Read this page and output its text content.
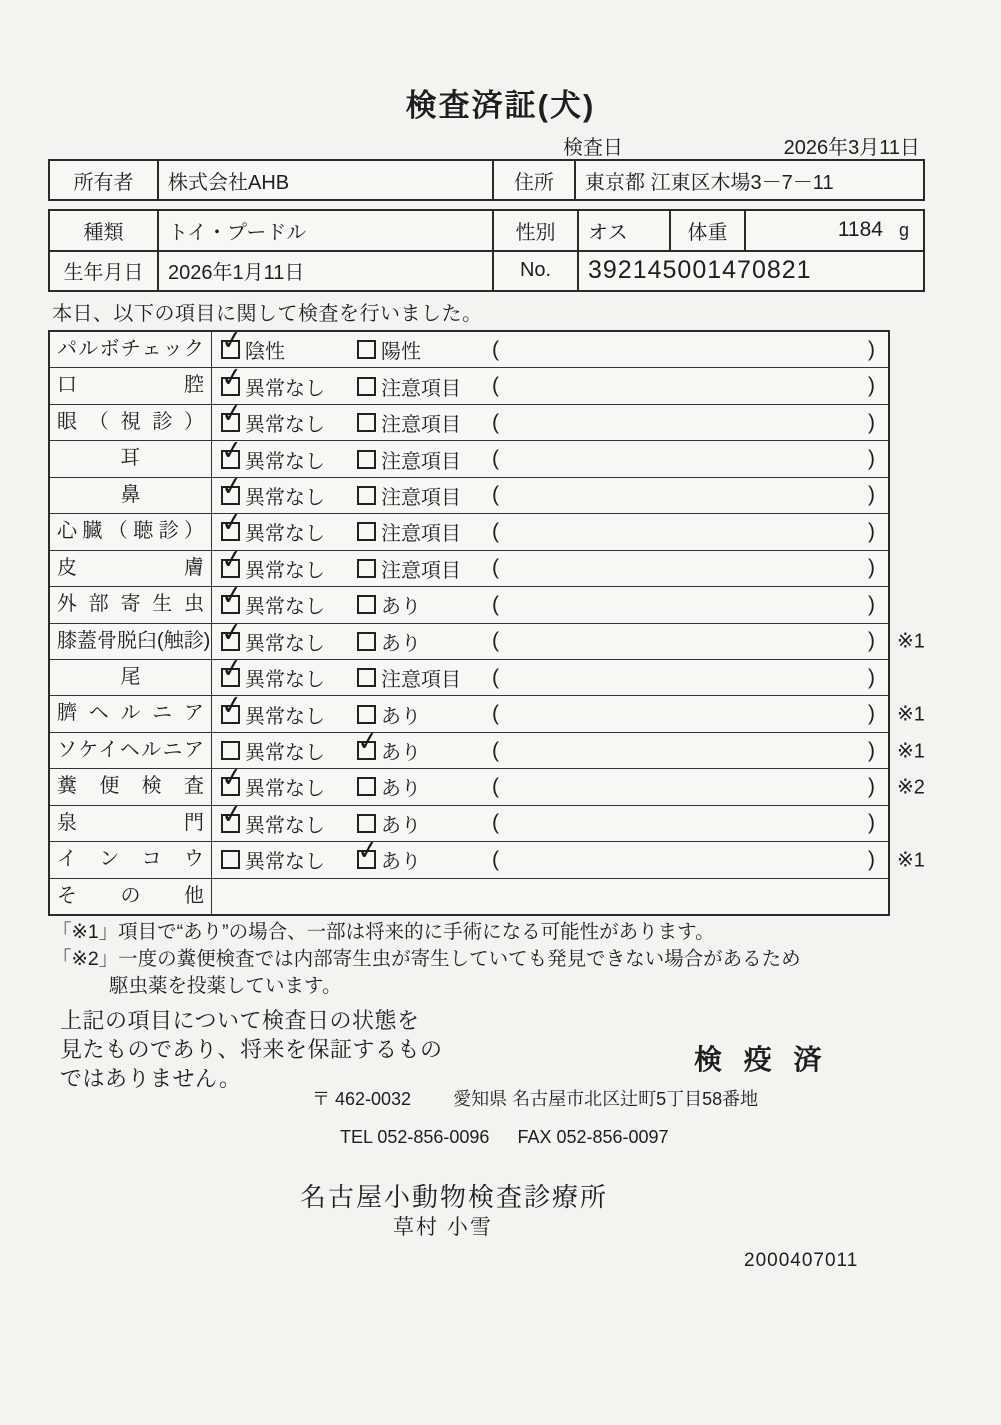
検査済証(犬)
検査日	2026年3月11日
所有者	株式会社AHB	住所	東京都 江東区木場3－7－11
種類	トイ・プードル	性別	オス	体重	1184 g
生年月日	2026年1月11日	No.	392145001470821
本日、以下の項目に関して検査を行いました。
パルボチェック ✓ 陰性	陽性	(	)
口腔 ✓ 異常なし	注意項目 (	)
眼（視診） ✓ 異常なし	注意項目 (	)
耳	✓ 異常なし	注意項目 (	)
鼻	✓ 異常なし	注意項目 (	)
心臓（聴診） ✓ 異常なし	注意項目 (	)
皮膚 ✓ 異常なし	注意項目 (	)
外部寄生虫 ✓ 異常なし	あり	(	)
膝蓋骨脱臼(触診) ✓ 異常なし	あり	(	) ※1
尾	✓ 異常なし	注意項目 (	)
臍ヘルニア ✓ 異常なし	あり	(	) ※1
ソケイヘルニア	異常なし ✓ あり	(	) ※1
糞便検査 ✓ 異常なし	あり	(	) ※2
泉門 ✓ 異常なし	あり	(	)
インコウ	異常なし ✓ あり	(	) ※1
その他
「※1」項目で“あり”の場合、一部は将来的に手術になる可能性があります。
「※2」一度の糞便検査では内部寄生虫が寄生していても発見できない場合があるため
駆虫薬を投薬しています。
上記の項目について検査日の状態を
見たものであり、将来を保証するもの
ではありません。
検 疫 済
〒 462-0032 愛知県 名古屋市北区辻町5丁目58番地
TEL 052-856-0096 FAX 052-856-0097
名古屋小動物検査診療所
草村 小雪
2000407011
